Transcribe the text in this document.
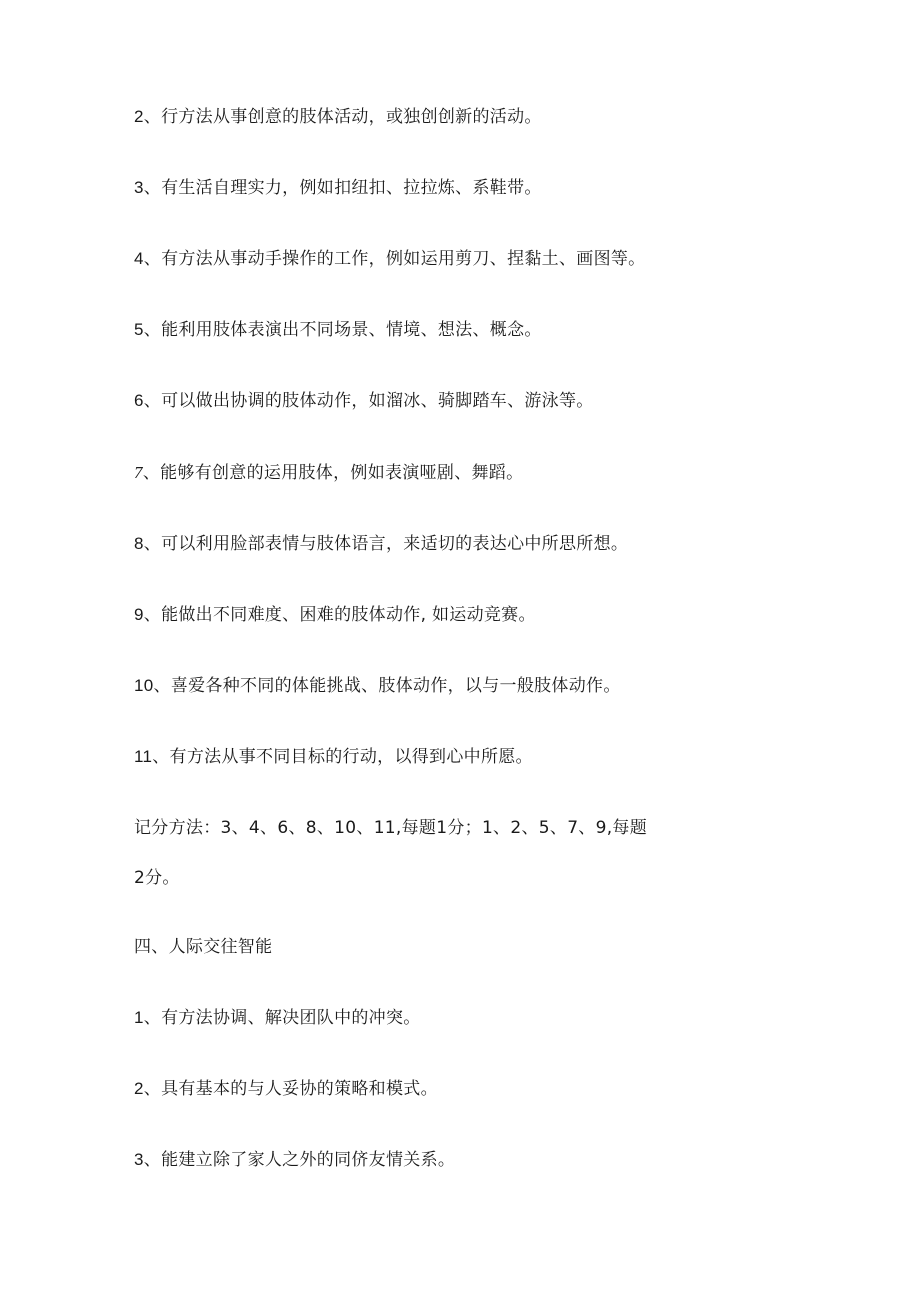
2、行方法从事创意的肢体活动，或独创创新的活动。
3、有生活自理实力，例如扣纽扣、拉拉炼、系鞋带。
4、有方法从事动手操作的工作，例如运用剪刀、捏黏土、画图等。
5、能利用肢体表演出不同场景、情境、想法、概念。
6、可以做出协调的肢体动作，如溜冰、骑脚踏车、游泳等。
7、能够有创意的运用肢体，例如表演哑剧、舞蹈。
8、可以利用脸部表情与肢体语言，来适切的表达心中所思所想。
9、能做出不同难度、困难的肢体动作, 如运动竞赛。
10、喜爱各种不同的体能挑战、肢体动作，以与一般肢体动作。
11、有方法从事不同目标的行动，以得到心中所愿。
记分方法：3、4、6、8、10、11,每题1分；1、2、5、7、9,每题
2分。
四、人际交往智能
1、有方法协调、解决团队中的冲突。
2、具有基本的与人妥协的策略和模式。
3、能建立除了家人之外的同侪友情关系。
